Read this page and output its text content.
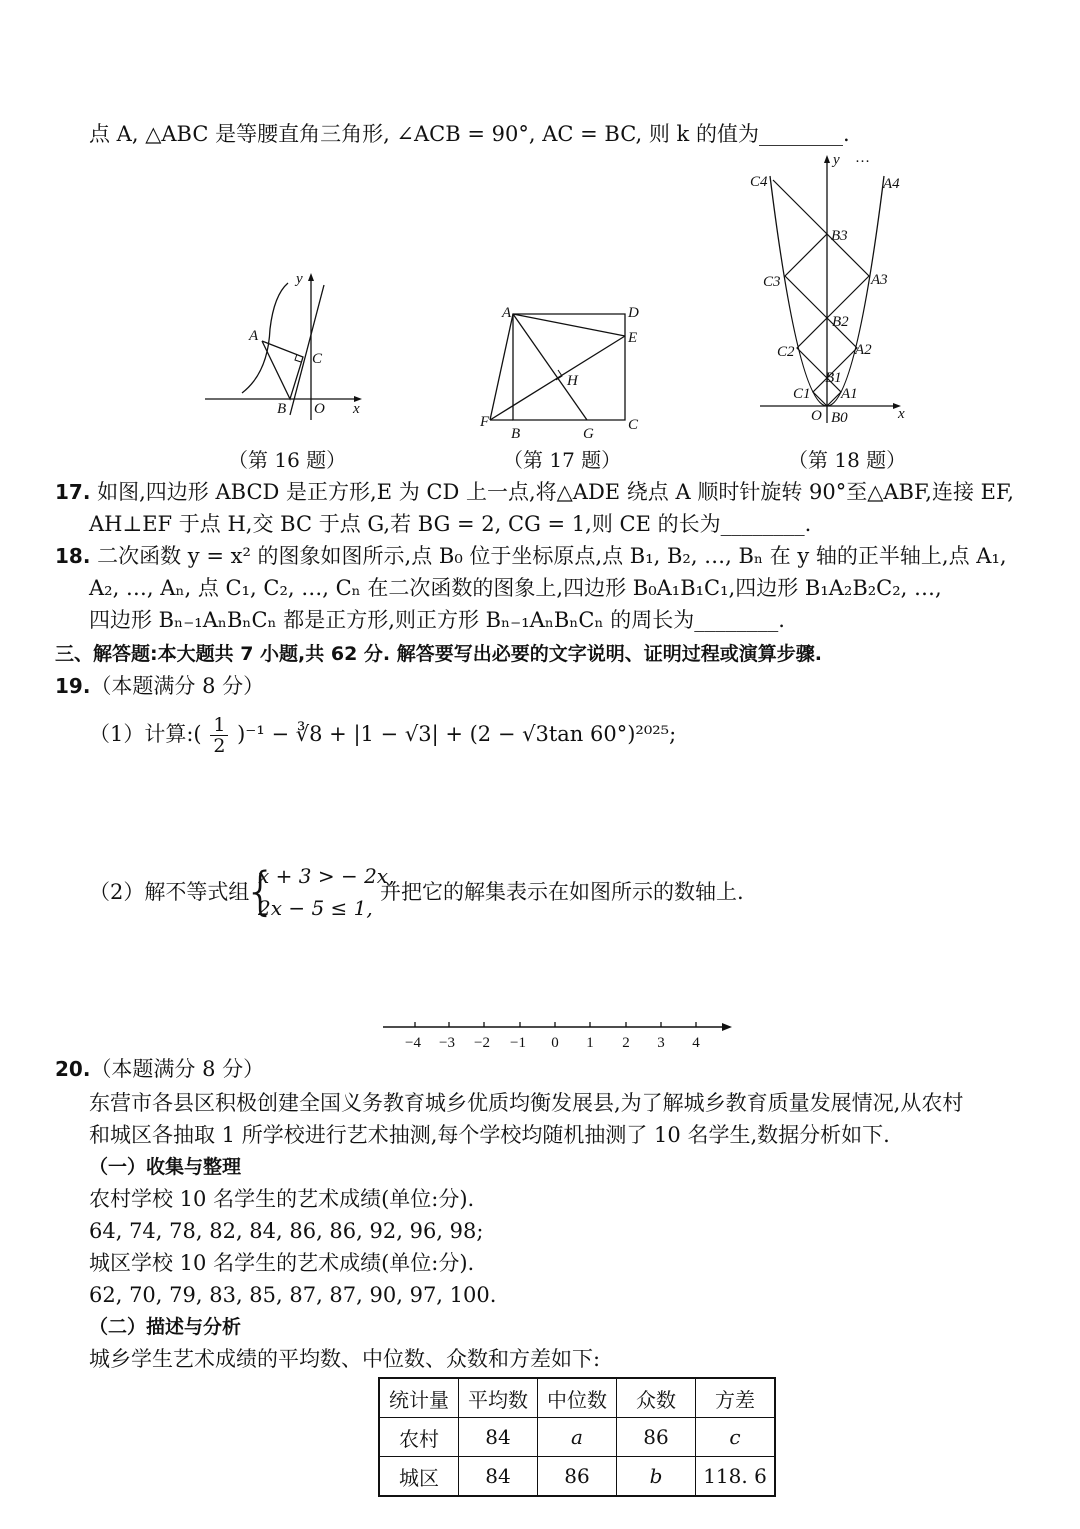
点 A, △ABC 是等腰直角三角形, ∠ACB = 90°, AC = BC, 则 k 的值为________.
y
x
A
C
B O
（第 16 题）
A	D
E
H
F
B	G
C
（第 17 题）
y …
x
C4	A4
B3
C3	A3
B2
C2	A2
B1
C1 A1
O B0
（第 18 题）
17. 如图,四边形 ABCD 是正方形,E 为 CD 上一点,将△ADE 绕点 A 顺时针旋转 90°至△ABF,连接 EF,
AH⊥EF 于点 H,交 BC 于点 G,若 BG = 2, CG = 1,则 CE 的长为________.
18. 二次函数 y = x² 的图象如图所示,点 B₀ 位于坐标原点,点 B₁, B₂, …, Bₙ 在 y 轴的正半轴上,点 A₁,
A₂, …, Aₙ, 点 C₁, C₂, …, Cₙ 在二次函数的图象上,四边形 B₀A₁B₁C₁,四边形 B₁A₂B₂C₂, …,
四边形 Bₙ₋₁AₙBₙCₙ 都是正方形,则正方形 Bₙ₋₁AₙBₙCₙ 的周长为________.
三、解答题:本大题共 7 小题,共 62 分. 解答要写出必要的文字说明、证明过程或演算步骤.
19.（本题满分 8 分）
（1）计算:( $\frac{1}{2} )^{-1}$ − ∛8 + |1 − √3| + (2 − √3tan 60°)²⁰²⁵;
（2）解不等式组
{
x + 3 > − 2x,
2x − 5 ≤ 1,
并把它的解集表示在如图所示的数轴上.
−4 −3 −2 −1 0 1 2 3 4
20.（本题满分 8 分）
东营市各县区积极创建全国义务教育城乡优质均衡发展县,为了解城乡教育质量发展情况,从农村
和城区各抽取 1 所学校进行艺术抽测,每个学校均随机抽测了 10 名学生,数据分析如下.
（一）收集与整理
农村学校 10 名学生的艺术成绩(单位:分).
64, 74, 78, 82, 84, 86, 86, 92, 96, 98;
城区学校 10 名学生的艺术成绩(单位:分).
62, 70, 79, 83, 85, 87, 87, 90, 97, 100.
（二）描述与分析
城乡学生艺术成绩的平均数、中位数、众数和方差如下:
统计量	平均数	中位数	众数	方差
农村	84	a	86	c
城区	84	86	b	118. 6
